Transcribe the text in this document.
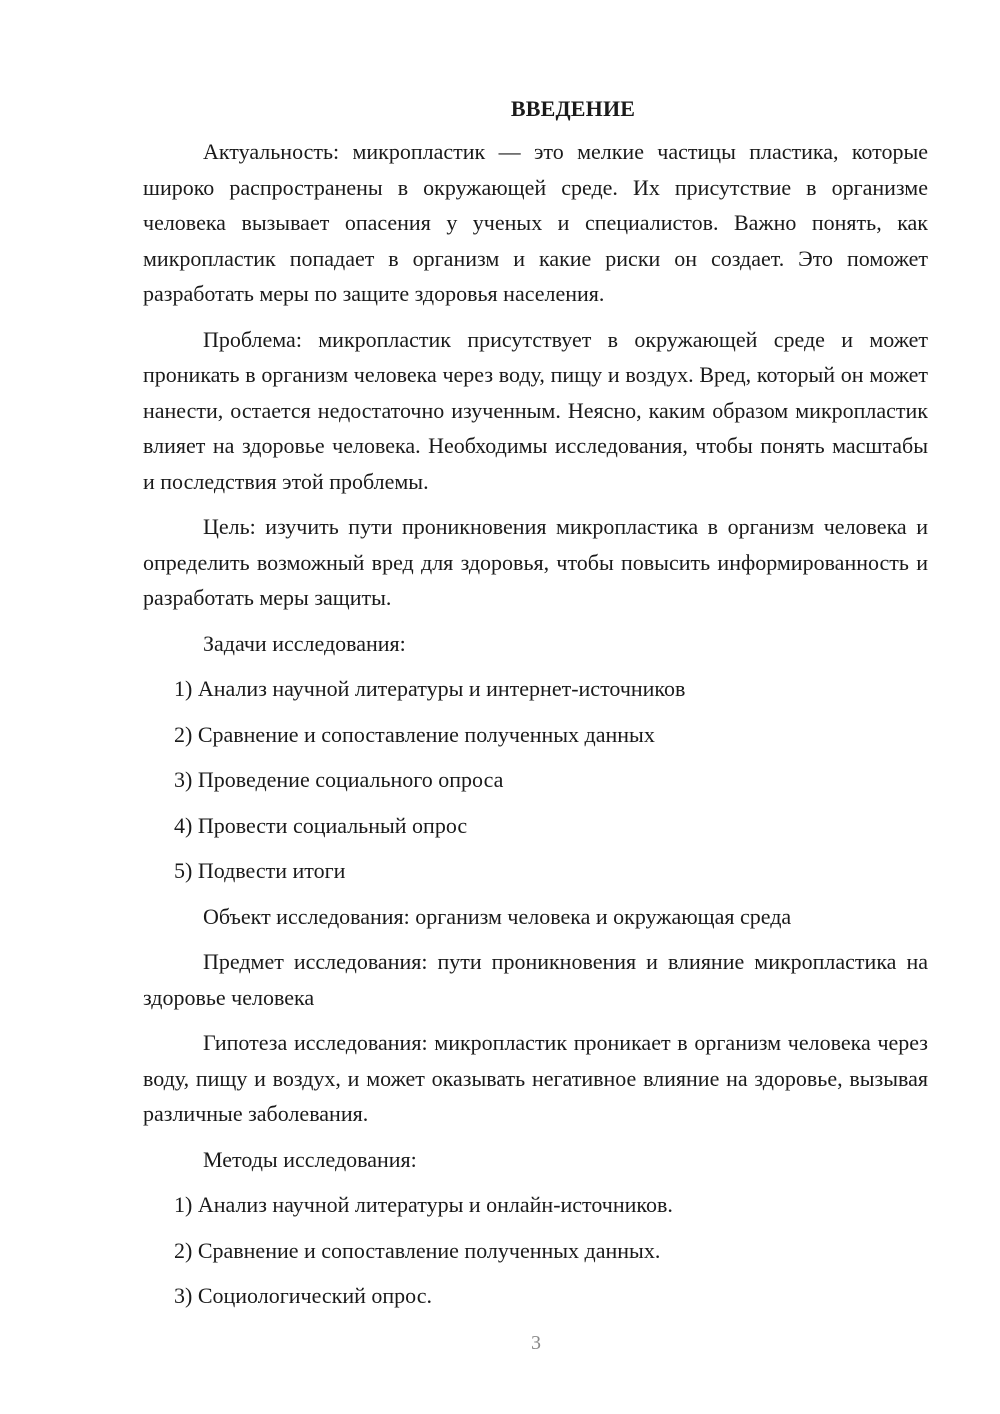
ВВЕДЕНИЕ

Актуальность: микропластик — это мелкие частицы пластика, которые широко распространены в окружающей среде. Их присутствие в организме человека вызывает опасения у ученых и специалистов. Важно понять, как микропластик попадает в организм и какие риски он создает. Это поможет разработать меры по защите здоровья населения.

Проблема: микропластик присутствует в окружающей среде и может проникать в организм человека через воду, пищу и воздух. Вред, который он может нанести, остается недостаточно изученным. Неясно, каким образом микропластик влияет на здоровье человека. Необходимы исследования, чтобы понять масштабы и последствия этой проблемы.

Цель: изучить пути проникновения микропластика в организм человека и определить возможный вред для здоровья, чтобы повысить информированность и разработать меры защиты.

Задачи исследования:

1) Анализ научной литературы и интернет-источников
2) Сравнение и сопоставление полученных данных
3) Проведение социального опроса
4) Провести социальный опрос
5) Подвести итоги

Объект исследования: организм человека и окружающая среда

Предмет исследования: пути проникновения и влияние микропластика на здоровье человека

Гипотеза исследования: микропластик проникает в организм человека через воду, пищу и воздух, и может оказывать негативное влияние на здоровье, вызывая различные заболевания.

Методы исследования:

1) Анализ научной литературы и онлайн-источников.
2) Сравнение и сопоставление полученных данных.
3) Социологический опрос.
3
